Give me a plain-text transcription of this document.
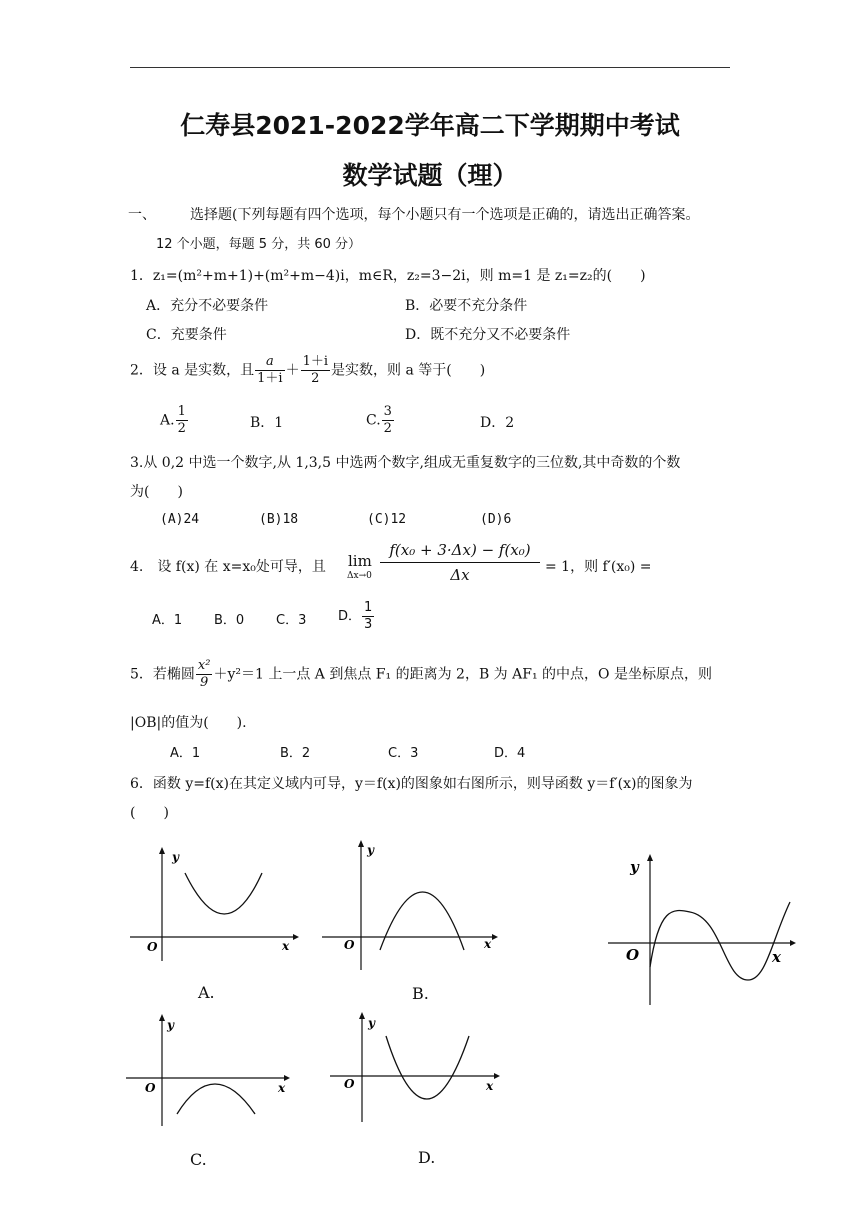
仁寿县2021-2022学年高二下学期期中考试
数学试题（理）
一、 选择题(下列每题有四个选项，每个小题只有一个选项是正确的，请选出正确答案。
12 个小题，每题 5 分，共 60 分）
1．z₁=(m²+m+1)+(m²+m−4)i，m∈R，z₂=3−2i，则 m=1 是 z₁=z₂的(　　)
A．充分不必要条件	B．必要不充分条件
C．充要条件	D．既不充分又不必要条件
2．设 a 是实数，且 $\frac{a}{1+i} + \frac{1+i}{2}$ 是实数，则 a 等于(　　)
A. $\frac{1}{2}$	B．1	C. $\frac{3}{2}$	D．2
3.从 0,2 中选一个数字,从 1,3,5 中选两个数字,组成无重复数字的三位数,其中奇数的个数
为(　　)
(A)24	(B)18	(C)12	(D)6
4.　设 f(x) 在 x=x₀处可导，且 lim
Δx→0
f(x₀ + 3·Δx) − f(x₀)
Δx	= 1，则 f′(x₀) =
A．1 B．0 C．3 D． $\frac{1}{3}$
5．若椭圆 $\frac{\text{x²}}{9} +y^2=1$ 上一点 A 到焦点 F₁ 的距离为 2，B 为 AF₁ 的中点，O 是坐标原点，则
|OB|的值为(　　).
A．1	B．2	C．3	D．4
6．函数 y=f(x)在其定义域内可导，y＝f(x)的图象如右图所示，则导函数 y＝f′(x)的图象为
(　　)
y
x
O
A.
y
x
O
B.
y
x
O
y
x
O
C.
y
x
O
D.
